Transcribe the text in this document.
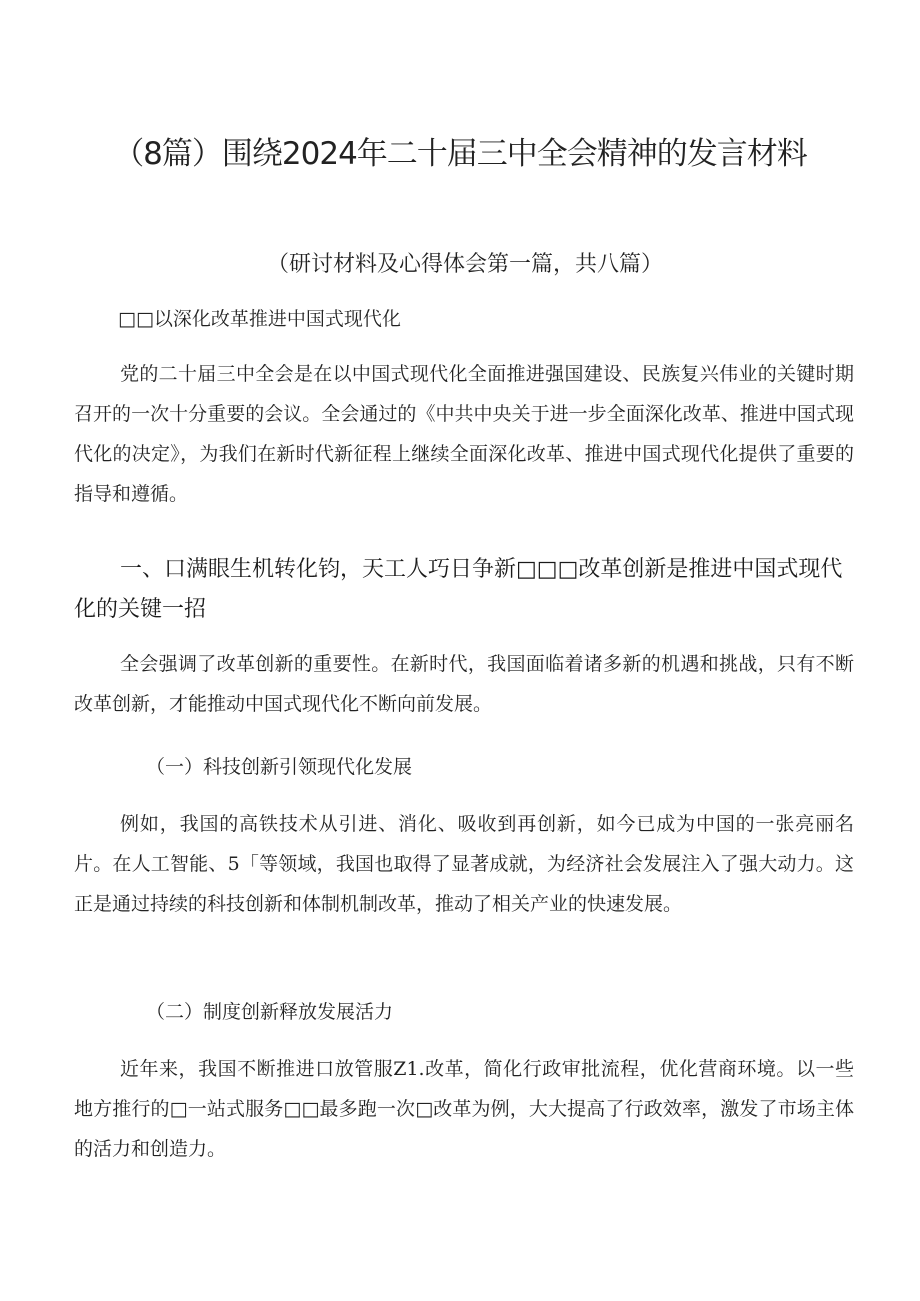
（8篇）围绕2024年二十届三中全会精神的发言材料
（研讨材料及心得体会第一篇，共八篇）
□□以深化改革推进中国式现代化

党的二十届三中全会是在以中国式现代化全面推进强国建设、民族复兴伟业的关键时期召开的一次十分重要的会议。全会通过的《中共中央关于进一步全面深化改革、推进中国式现代化的决定》，为我们在新时代新征程上继续全面深化改革、推进中国式现代化提供了重要的指导和遵循。

一、口满眼生机转化钧，天工人巧日争新□□□改革创新是推进中国式现代化的关键一招

全会强调了改革创新的重要性。在新时代，我国面临着诸多新的机遇和挑战，只有不断改革创新，才能推动中国式现代化不断向前发展。

（一）科技创新引领现代化发展

例如，我国的高铁技术从引进、消化、吸收到再创新，如今已成为中国的一张亮丽名片。在人工智能、5「等领域，我国也取得了显著成就，为经济社会发展注入了强大动力。这正是通过持续的科技创新和体制机制改革，推动了相关产业的快速发展。

（二）制度创新释放发展活力

近年来，我国不断推进口放管服Z1.改革，简化行政审批流程，优化营商环境。以一些地方推行的□一站式服务□□最多跑一次□改革为例，大大提高了行政效率，激发了市场主体的活力和创造力。
